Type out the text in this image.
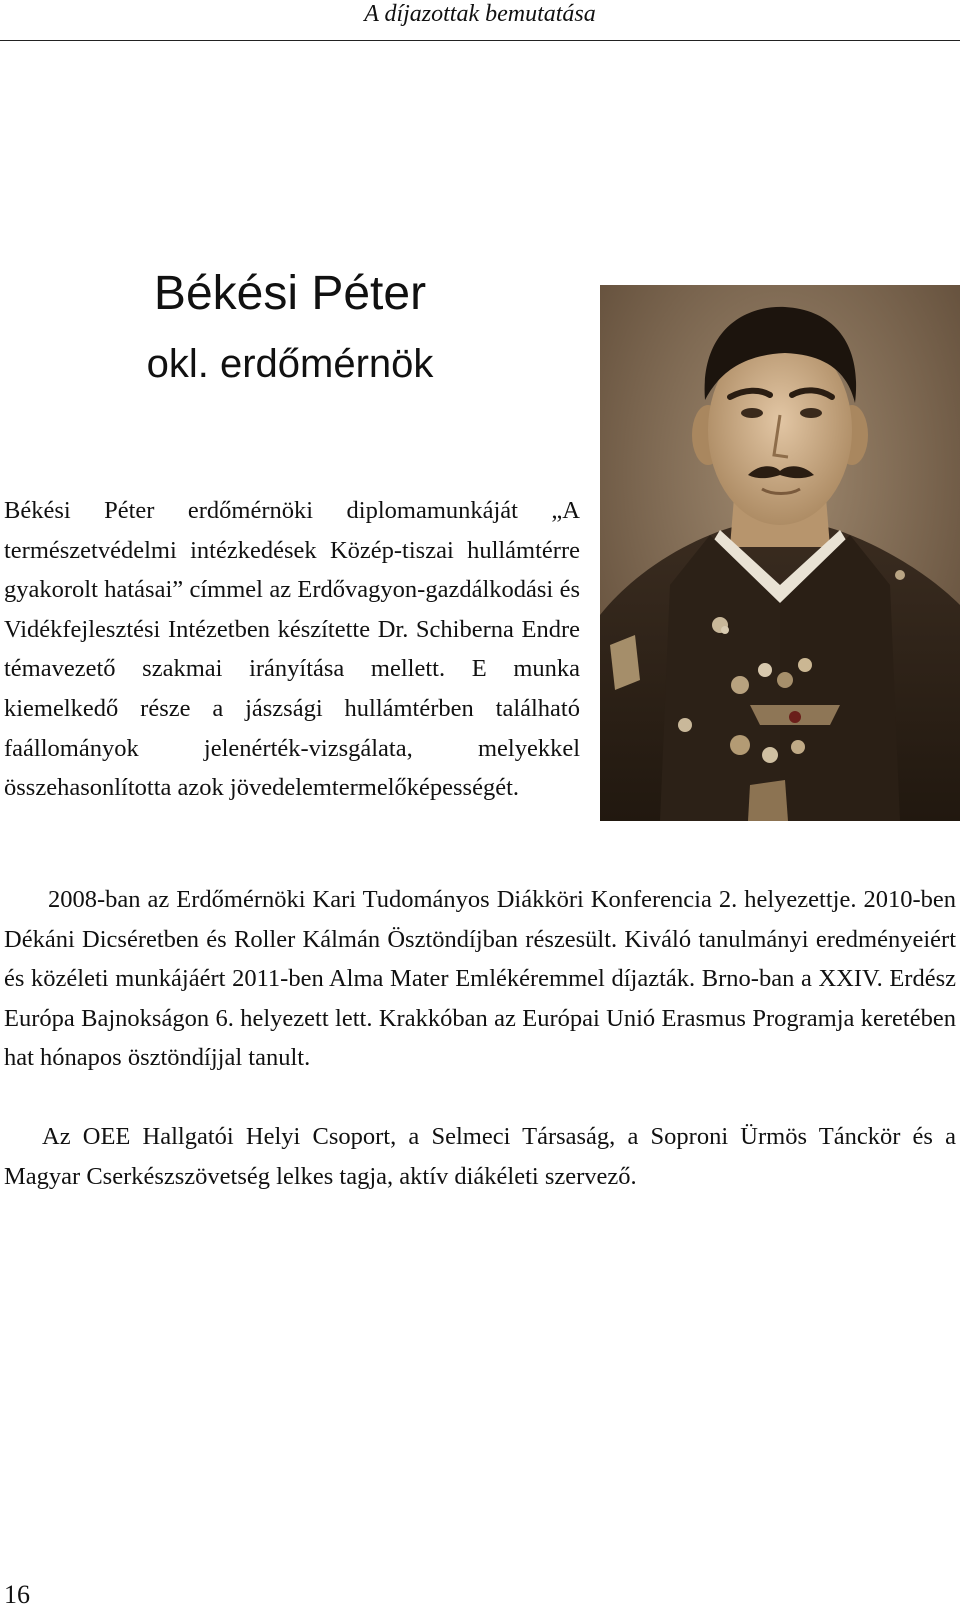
A díjazottak bemutatása
Békési Péter
okl. erdőmérnök

Békési Péter erdőmérnöki diplomamunkáját „A természetvédelmi intézkedések Közép-tiszai hullámtérre gyakorolt hatásai” címmel az Erdővagyon-gazdálkodási és Vidékfejlesztési Intézetben készítette Dr. Schiberna Endre témavezető szakmai irányítása mellett. E munka kiemelkedő része a jászsági hullámtérben található faállományok jelenérték-vizsgálata, melyekkel összehasonlította azok jövedelemtermelőképességét.

2008-ban az Erdőmérnöki Kari Tudományos Diákköri Konferencia 2. helyezettje. 2010-ben Dékáni Dicséretben és Roller Kálmán Ösztöndíjban részesült. Kiváló tanulmányi eredményeiért és közéleti munkájáért 2011-ben Alma Mater Emlékéremmel díjazták. Brno-ban a XXIV. Erdész Európa Bajnokságon 6. helyezett lett. Krakkóban az Európai Unió Erasmus Programja keretében hat hónapos ösztöndíjjal tanult.

Az OEE Hallgatói Helyi Csoport, a Selmeci Társaság, a Soproni Ürmös Tánckör és a Magyar Cserkészszövetség lelkes tagja, aktív diákéleti szervező.

16
